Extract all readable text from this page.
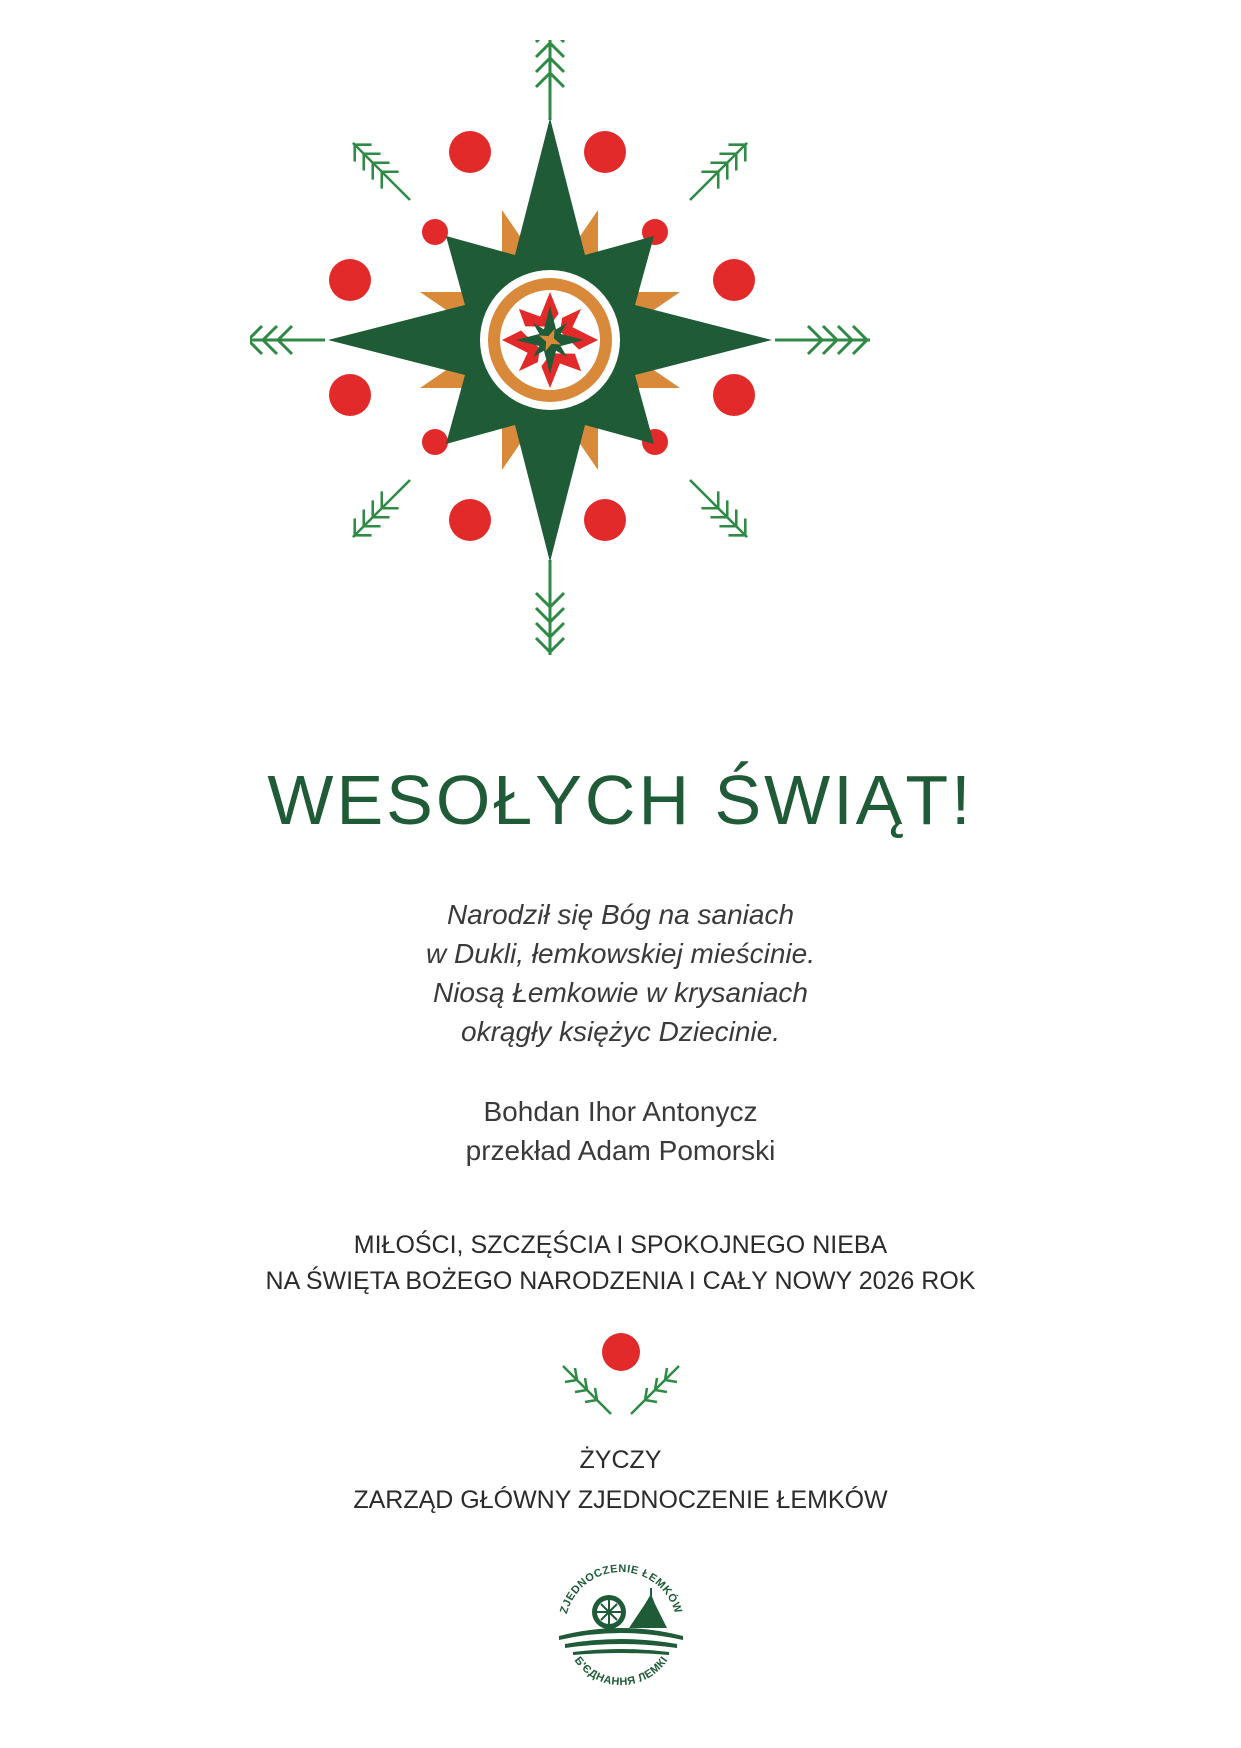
WESOŁYCH ŚWIĄT!
Narodził się Bóg na saniach
w Dukli, łemkowskiej mieścinie.
Niosą Łemkowie w krysaniach
okrągły księżyc Dziecinie.
Bohdan Ihor Antonycz
przekład Adam Pomorski
MIŁOŚCI, SZCZĘŚCIA I SPOKOJNEGO NIEBA
NA ŚWIĘTA BOŻEGO NARODZENIA I CAŁY NOWY 2026 ROK
ŻYCZY
ZARZĄD GŁÓWNY ZJEDNOCZENIE ŁEMKÓW
ZJEDNOCZENIE ŁEMKÓW
Б'ЄДНАННЯ ЛЕМКІ
